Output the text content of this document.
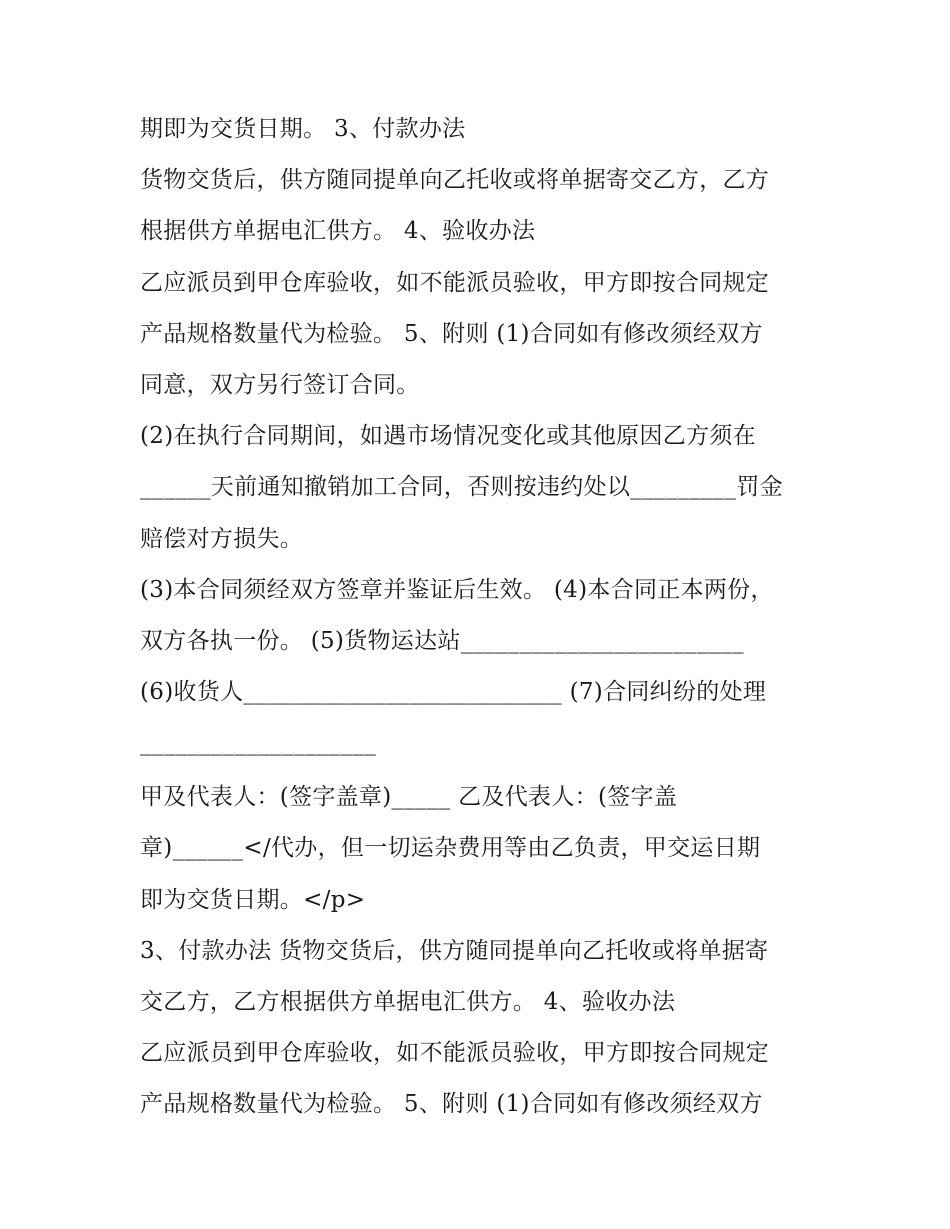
期即为交货日期。 3、付款办法
货物交货后，供方随同提单向乙托收或将单据寄交乙方，乙方
根据供方单据电汇供方。 4、验收办法
乙应派员到甲仓库验收，如不能派员验收，甲方即按合同规定
产品规格数量代为检验。 5、附则 (1)合同如有修改须经双方
同意，双方另行签订合同。
(2)在执行合同期间，如遇市场情况变化或其他原因乙方须在
______天前通知撤销加工合同，否则按违约处以_________罚金
赔偿对方损失。
(3)本合同须经双方签章并鉴证后生效。 (4)本合同正本两份，
双方各执一份。 (5)货物运达站________________________
(6)收货人___________________________ (7)合同纠纷的处理
____________________
甲及代表人：(签字盖章)_____ 乙及代表人：(签字盖
章)______</代办，但一切运杂费用等由乙负责，甲交运日期
即为交货日期。</p>
3、付款办法 货物交货后，供方随同提单向乙托收或将单据寄
交乙方，乙方根据供方单据电汇供方。 4、验收办法
乙应派员到甲仓库验收，如不能派员验收，甲方即按合同规定
产品规格数量代为检验。 5、附则 (1)合同如有修改须经双方
